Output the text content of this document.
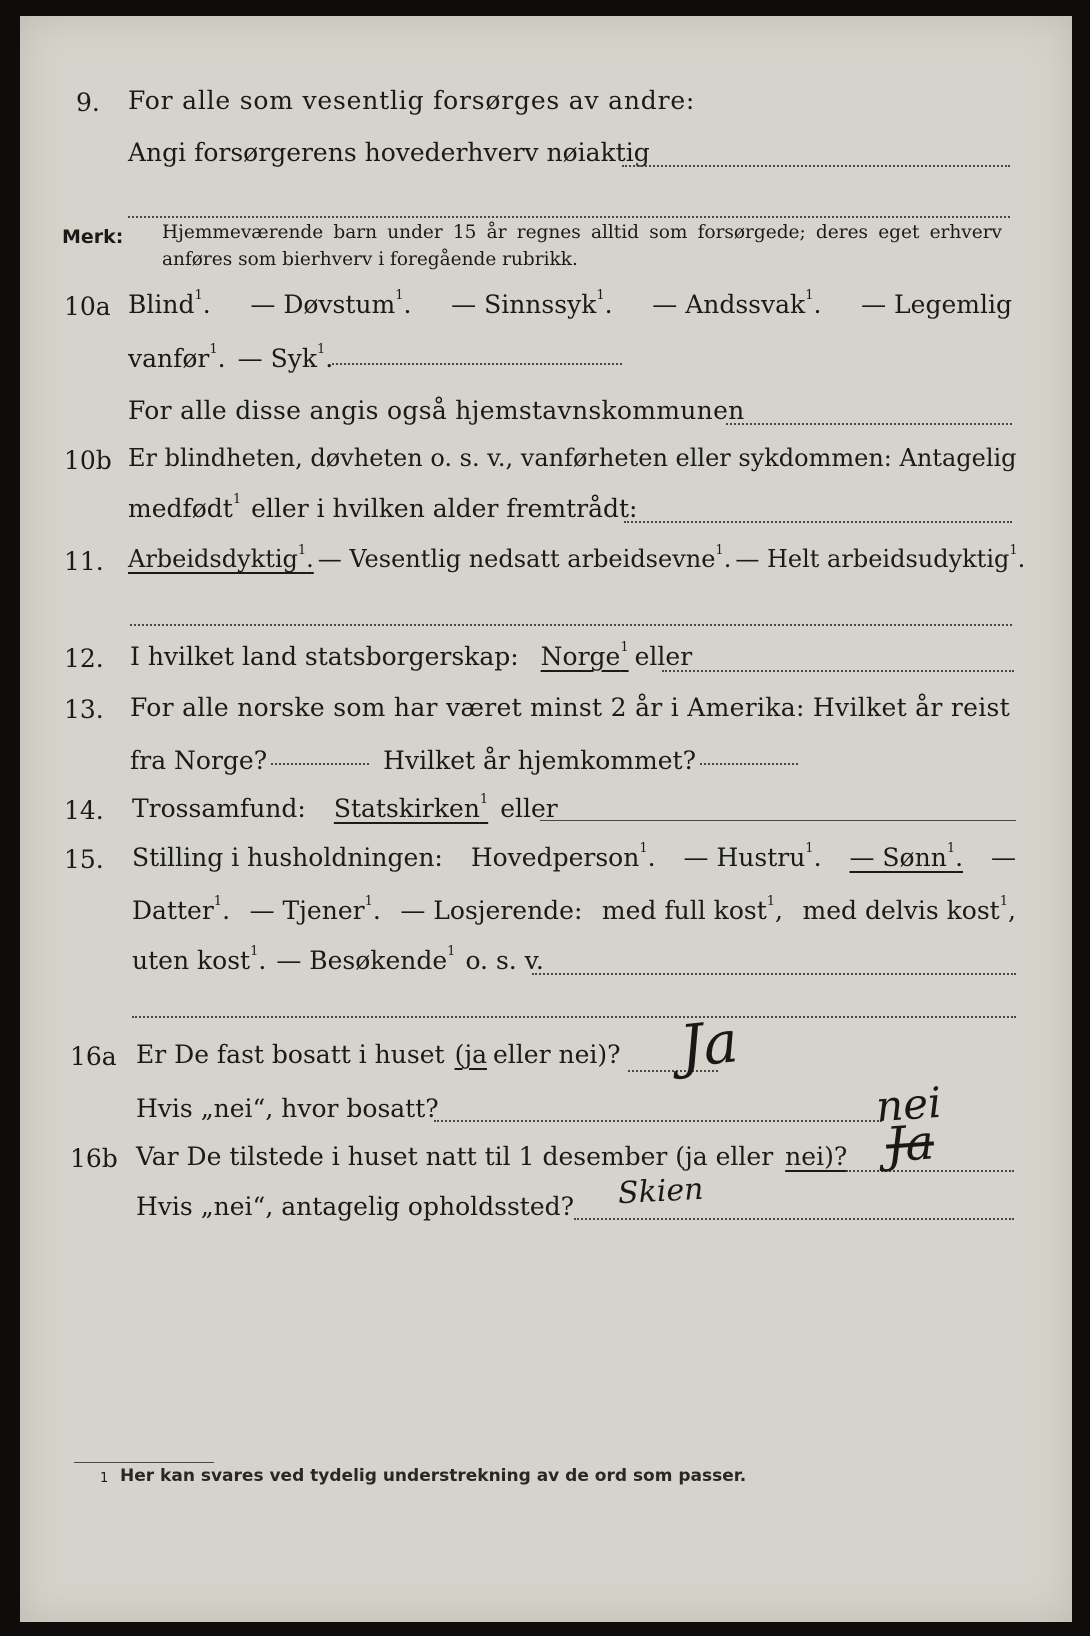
9. For alle som vesentlig forsørges av andre:
Angi forsørgerens hovederhverv nøiaktig
Merk: Hjemmeværende barn under 15 år regnes alltid som forsørgede; deres eget erhverv
anføres som bierhverv i foregående rubrikk.
10a Blind$^1$. — Døvstum$^1$. — Sinnssyk$^1$. — Andssvak$^1$. — Legemlig
vanfør$^1$. — Syk$^1$.
For alle disse angis også hjemstavnskommunen
10b Er blindheten, døvheten o. s. v., vanførheten eller sykdommen: Antagelig
medfødt$^1$ eller i hvilken alder fremtrådt:
11. Arbeidsdyktig$^1$. — Vesentlig nedsatt arbeidsevne$^1$. — Helt arbeidsudyktig$^1$.
12. I hvilket land statsborgerskap: Norge$^1$ eller
13. For alle norske som har været minst 2 år i Amerika: Hvilket år reist
fra Norge?	Hvilket år hjemkommet?
14. Trossamfund: Statskirken$^1$ eller
15. Stilling i husholdningen: Hovedperson$^1$. — Hustru$^1$. — Sønn$^1$. —
Datter$^1$. — Tjener$^1$. — Losjerende: med full kost$^1$, med delvis kost$^1$,
uten kost$^1$. — Besøkende$^1$ o. s. v.
16a Er De fast bosatt i huset (ja eller nei)? Ja
Hvis „nei“, hvor bosatt?	nei
16b Var De tilstede i huset natt til 1 desember (ja eller nei)? Ja
Hvis „nei“, antagelig opholdssted? Skien
1 Her kan svares ved tydelig understrekning av de ord som passer.
